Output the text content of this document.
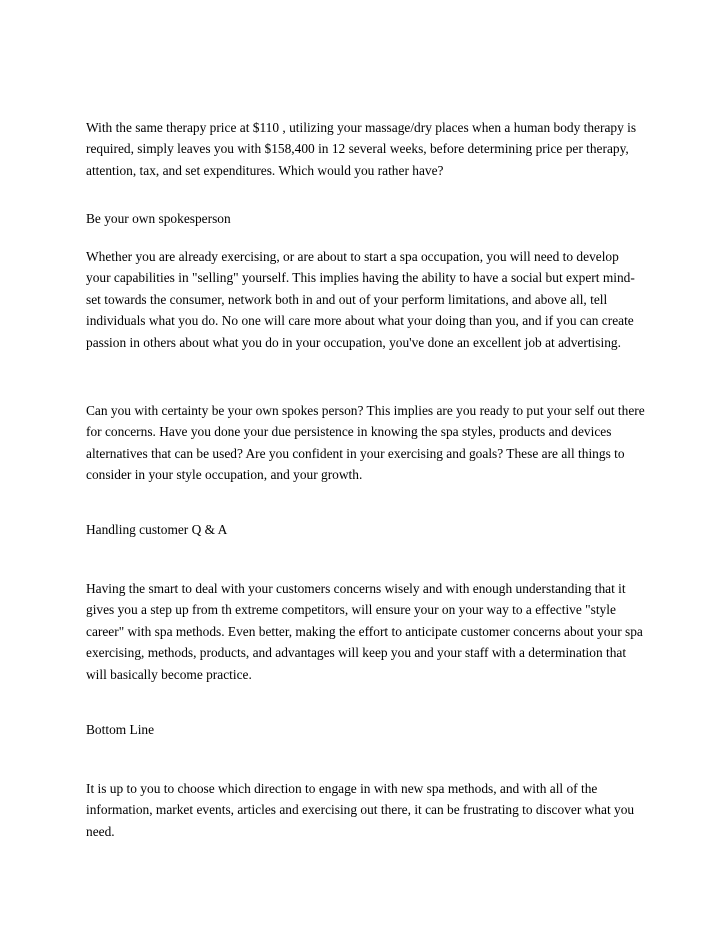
With the same therapy price at $110 , utilizing your massage/dry places when a human body therapy is required, simply leaves you with $158,400 in 12 several weeks, before determining price per therapy, attention, tax, and set expenditures. Which would you rather have?

Be your own spokesperson

Whether you are already exercising, or are about to start a spa occupation, you will need to develop your capabilities in "selling" yourself. This implies having the ability to have a social but expert mind-set towards the consumer, network both in and out of your perform limitations, and above all, tell individuals what you do. No one will care more about what your doing than you, and if you can create passion in others about what you do in your occupation, you've done an excellent job at advertising.

Can you with certainty be your own spokes person? This implies are you ready to put your self out there for concerns. Have you done your due persistence in knowing the spa styles, products and devices alternatives that can be used? Are you confident in your exercising and goals? These are all things to consider in your style occupation, and your growth.

Handling customer Q & A

Having the smart to deal with your customers concerns wisely and with enough understanding that it gives you a step up from th extreme competitors, will ensure your on your way to a effective "style career" with spa methods. Even better, making the effort to anticipate customer concerns about your spa exercising, methods, products, and advantages will keep you and your staff with a determination that will basically become practice.

Bottom Line

It is up to you to choose which direction to engage in with new spa methods, and with all of the information, market events, articles and exercising out there, it can be frustrating to discover what you need.
